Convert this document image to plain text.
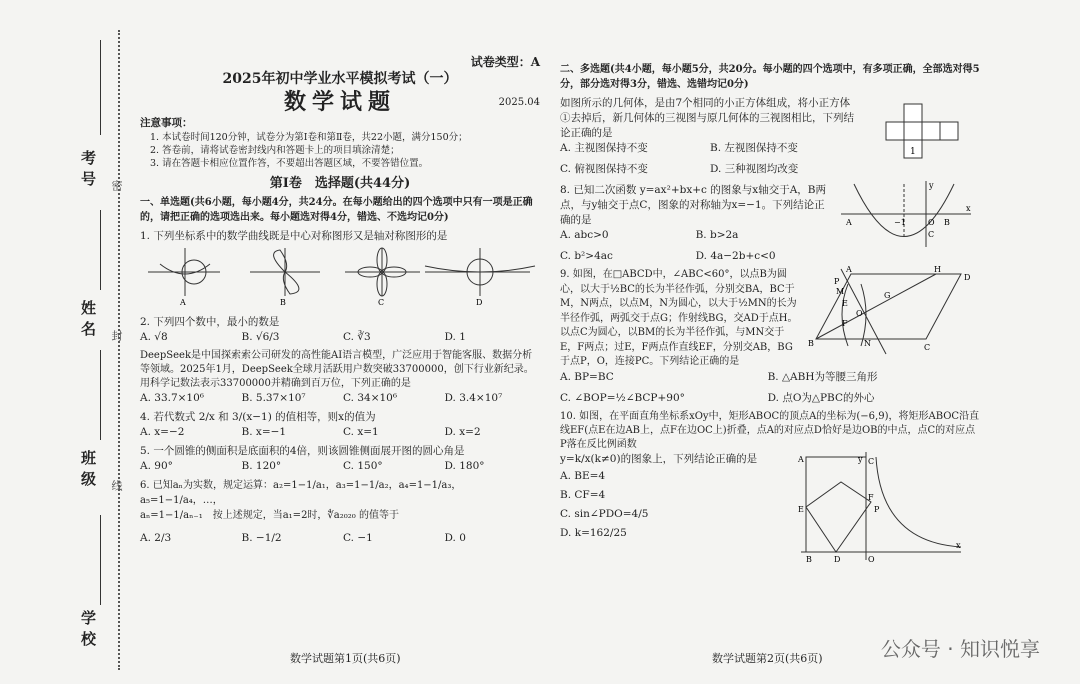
考号
姓名
班级
学校
密
封
线
试卷类型：A
2025年初中学业水平模拟考试（一）
数学试题	2025.04

注意事项：

1. 本试卷时间120分钟，试卷分为第Ⅰ卷和第Ⅱ卷，共22小题，满分150分；

2. 答卷前，请将试卷密封线内和答题卡上的项目填涂清楚；

3. 请在答题卡相应位置作答，不要超出答题区域，不要答错位置。

第Ⅰ卷　选择题(共44分)

一、单选题(共6小题，每小题4分，共24分。在每小题给出的四个选项中只有一项是正确的，请把正确的选项选出来。每小题选对得4分，错选、不选均记0分)

1. 下列坐标系中的数学曲线既是中心对称图形又是轴对称图形的是

A	B	C	D

2. 下列四个数中，最小的数是

A. √8	B. √6/3	C. ∛3	D. 1

DeepSeek是中国探索索公司研发的高性能AI语言模型，广泛应用于智能客服、数据分析等领域。2025年1月，DeepSeek全球月活跃用户数突破33700000，创下行业新纪录。用科学记数法表示33700000并精确到百万位，下列正确的是

A. 33.7×10⁶	B. 5.37×10⁷	C. 34×10⁶	D. 3.4×10⁷

4. 若代数式 2/x 和 3/(x−1) 的值相等，则x的值为

A. x=−2	B. x=−1	C. x=1	D. x=2

5. 一个圆锥的侧面积是底面积的4倍，则该圆锥侧面展开图的圆心角是

A. 90°	B. 120°	C. 150°	D. 180°

6. 已知aₙ为实数，规定运算：a₂=1−1/a₁，a₃=1−1/a₂，a₄=1−1/a₃，a₅=1−1/a₄，…，

aₙ=1−1/aₙ₋₁　按上述规定，当a₁=2时，∜a₂₀₂₀ 的值等于

A. 2/3	B. −1/2	C. −1	D. 0
数学试题第1页(共6页)

二、多选题(共4小题，每小题5分，共20分。每小题的四个选项中，有多项正确，全部选对得5分，部分选对得3分，错选、选错均记0分)

如图所示的几何体，是由7个相同的小正方体组成，将小正方体①去掉后，新几何体的三视图与原几何体的三视图相比，下列结论正确的是

A. 主视图保持不变	B. 左视图保持不变
C. 俯视图保持不变	D. 三种视图均改变
1

8. 已知二次函数 y=ax²+bx+c 的图象与x轴交于A，B两点，与y轴交于点C，图象的对称轴为x=−1。下列结论正确的是

A. abc>0	B. b>2a
C. b²>4ac	D. 4a−2b+c<0
A	B
O
C
−1
x
y

9. 如图，在□ABCD中，∠ABC<60°，以点B为圆心，以大于½BC的长为半径作弧，分别交BA，BC于M，N两点，以点M，N为圆心，以大于½MN的长为半径作弧，两弧交于点G；作射线BG，交AD于点H。以点C为圆心，以BM的长为半径作弧，与MN交于E，F两点；过E，F两点作直线EF，分别交AB，BG于点P，O，连接PC。下列结论正确的是

A
B	C
D
H
M
N
G
E
F
P
O
A. BP=BC	B. △ABH为等腰三角形
C. ∠BOP=½∠BCP+90°	D. 点O为△PBC的外心

10. 如图，在平面直角坐标系xOy中，矩形ABOC的顶点A的坐标为(−6,9)，将矩形ABOC沿直线EF(点E在边AB上，点F在边OC上)折叠，点A的对应点D恰好是边OB的中点，点C的对应点P落在反比例函数

y=k/x(k≠0)的图象上，下列结论正确的是

A. BE=4

B. CF=4

C. sin∠PDO=4/5

D. k=162/25

E
B
C
D
F
P
O
x
A	y
数学试题第2页(共6页)	公众号 · 知识悦享
